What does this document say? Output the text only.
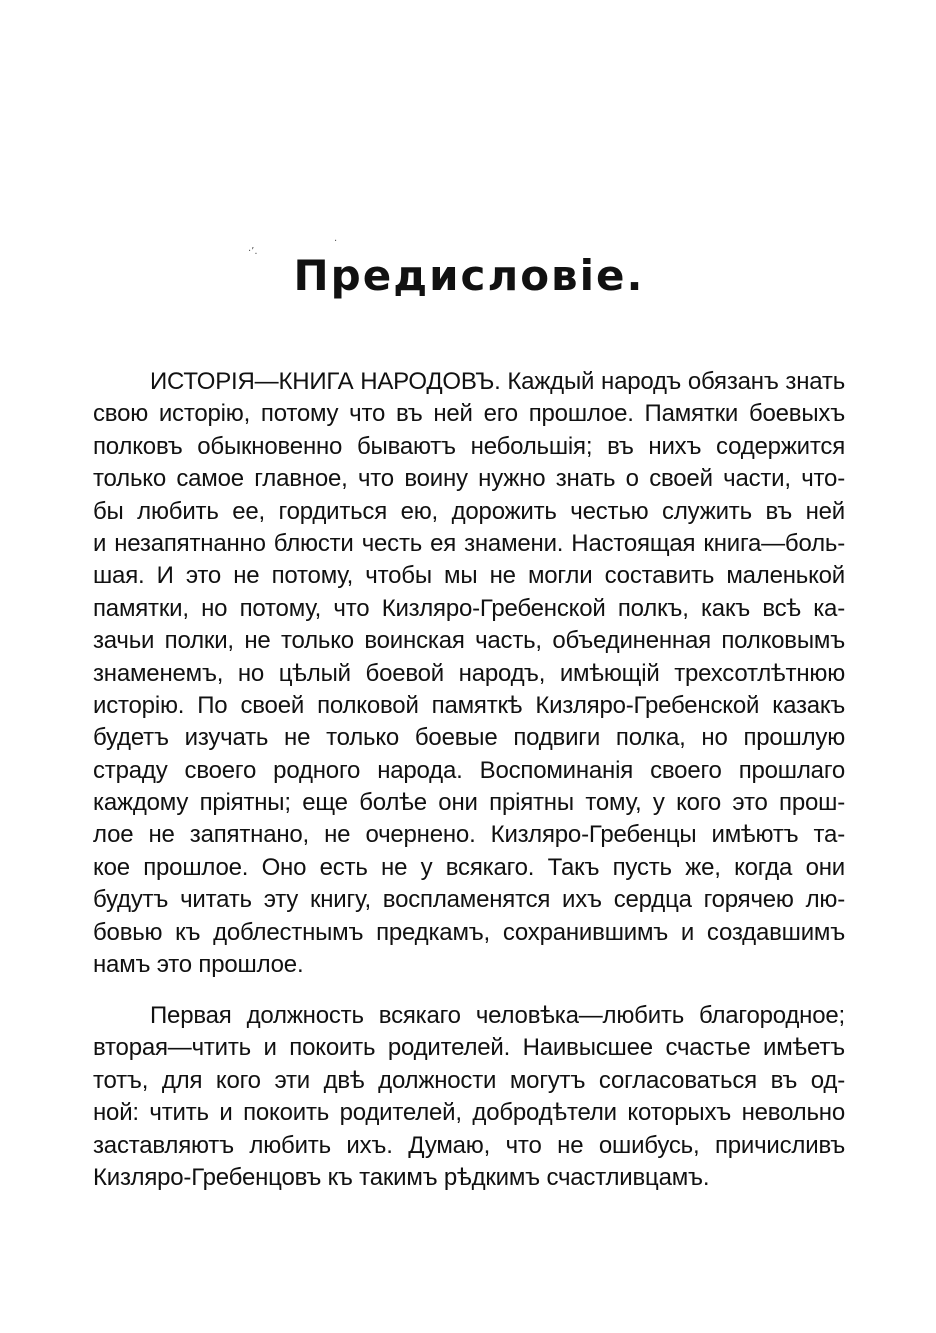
·’.
·
Предисловіе.
ИСТОРІЯ—КНИГА НАРОДОВЪ. Каждый народъ обязанъ знать
свою исторію, потому что въ ней его прошлое. Памятки боевыхъ
полковъ обыкновенно бываютъ небольшія; въ нихъ содержится
только самое главное, что воину нужно знать о своей части, что-
бы любить ее, гордиться ею, дорожить честью служить въ ней
и незапятнанно блюсти честь ея знамени. Настоящая книга—боль-
шая. И это не потому, чтобы мы не могли составить маленькой
памятки, но потому, что Кизляро-Гребенской полкъ, какъ всѣ ка-
зачьи полки, не только воинская часть, объединенная полковымъ
знаменемъ, но цѣлый боевой народъ, имѣющій трехсотлѣтнюю
исторію. По своей полковой памяткѣ Кизляро-Гребенской казакъ
будетъ изучать не только боевые подвиги полка, но прошлую
страду своего родного народа. Воспоминанія своего прошлаго
каждому пріятны; еще болѣе они пріятны тому, у кого это прош-
лое не запятнано, не очернено. Кизляро-Гребенцы имѣютъ та-
кое прошлое. Оно есть не у всякаго. Такъ пусть же, когда они
будутъ читать эту книгу, воспламенятся ихъ сердца горячею лю-
бовью къ доблестнымъ предкамъ, сохранившимъ и создавшимъ
намъ это прошлое.
Первая должность всякаго человѣка—любить благородное;
вторая—чтить и покоить родителей. Наивысшее счастье имѣетъ
тотъ, для кого эти двѣ должности могутъ согласоваться въ од-
ной: чтить и покоить родителей, добродѣтели которыхъ невольно
заставляютъ любить ихъ. Думаю, что не ошибусь, причисливъ
Кизляро-Гребенцовъ къ такимъ рѣдкимъ счастливцамъ.
